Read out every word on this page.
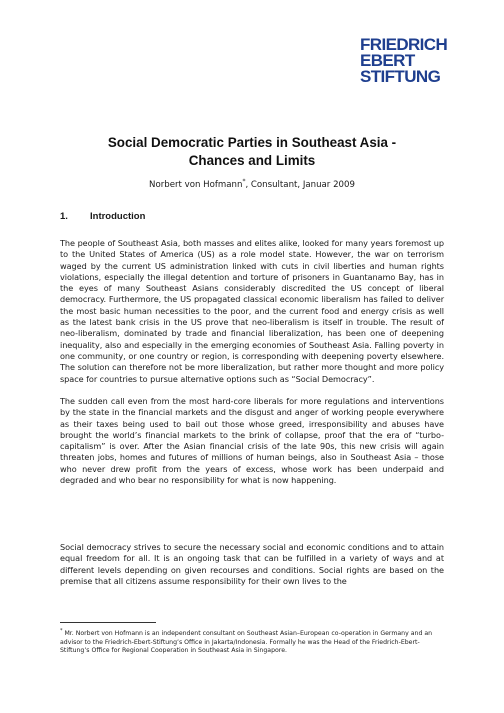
FRIEDRICH
EBERT
STIFTUNG
Social Democratic Parties in Southeast Asia -
Chances and Limits
Norbert von Hofmann*, Consultant, Januar 2009
1. Introduction

The people of Southeast Asia, both masses and elites alike, looked for many years foremost up to the United States of America (US) as a role model state. However, the war on terrorism waged by the current US administration linked with cuts in civil liberties and human rights violations, especially the illegal detention and torture of prisoners in Guantanamo Bay, has in the eyes of many Southeast Asians considerably discredited the US concept of liberal democracy. Furthermore, the US propagated classical economic liberalism has failed to deliver the most basic human necessities to the poor, and the current food and energy crisis as well as the latest bank crisis in the US prove that neo-liberalism is itself in trouble. The result of neo-liberalism, dominated by trade and financial liberalization, has been one of deepening inequality, also and especially in the emerging economies of Southeast Asia. Falling poverty in one community, or one country or region, is corresponding with deepening poverty elsewhere. The solution can therefore not be more liberalization, but rather more thought and more policy space for countries to pursue alternative options such as “Social Democracy”.

The sudden call even from the most hard-core liberals for more regulations and interventions by the state in the financial markets and the disgust and anger of working people everywhere as their taxes being used to bail out those whose greed, irresponsibility and abuses have brought the world’s financial markets to the brink of collapse, proof that the era of “turbo-capitalism” is over. After the Asian financial crisis of the late 90s, this new crisis will again threaten jobs, homes and futures of millions of human beings, also in Southeast Asia – those who never drew profit from the years of excess, whose work has been underpaid and degraded and who bear no responsibility for what is now happening.

Social democracy strives to secure the necessary social and economic conditions and to attain equal freedom for all. It is an ongoing task that can be fulfilled in a variety of ways and at different levels depending on given recourses and conditions. Social rights are based on the premise that all citizens assume responsibility for their own lives to the

* Mr. Norbert von Hofmann is an independent consultant on Southeast Asian–European co-operation in Germany and an advisor to the Friedrich-Ebert-Stiftung’s Office in Jakarta/Indonesia. Formally he was the Head of the Friedrich-Ebert-Stiftung’s Office for Regional Cooperation in Southeast Asia in Singapore.
